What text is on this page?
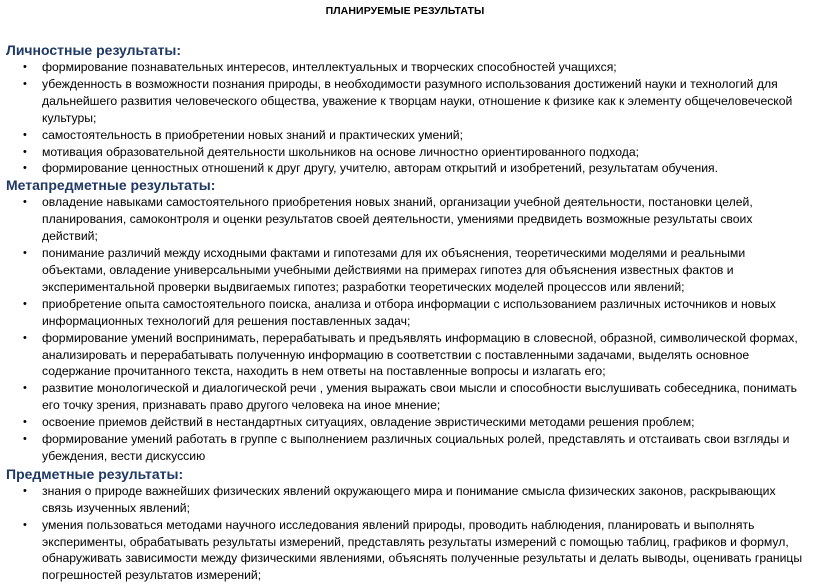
ПЛАНИРУЕМЫЕ РЕЗУЛЬТАТЫ
Личностные результаты:
• формирование познавательных интересов, интеллектуальных и творческих способностей учащихся;
• убежденность в возможности познания природы, в необходимости разумного использования достижений науки и технологий для дальнейшего развития человеческого общества, уважение к творцам науки, отношение к физике как к элементу общечеловеческой культуры;
• самостоятельность в приобретении новых знаний и практических умений;
• мотивация образовательной деятельности школьников на основе личностно ориентированного подхода;
• формирование ценностных отношений к друг другу, учителю, авторам открытий и изобретений, результатам обучения.
Метапредметные результаты:
• овладение навыками самостоятельного приобретения новых знаний, организации учебной деятельности, постановки целей, планирования, самоконтроля и оценки результатов своей деятельности, умениями предвидеть возможные результаты своих действий;
• понимание различий между исходными фактами и гипотезами для их объяснения, теоретическими моделями и реальными объектами, овладение универсальными учебными действиями на примерах гипотез для объяснения известных фактов и экспериментальной проверки выдвигаемых гипотез; разработки теоретических моделей процессов или явлений;
• приобретение опыта самостоятельного поиска, анализа и отбора информации с использованием различных источников и новых информационных технологий для решения поставленных задач;
• формирование умений воспринимать, перерабатывать и предъявлять информацию в словесной, образной, символической формах, анализировать и перерабатывать полученную информацию в соответствии с поставленными задачами, выделять основное содержание прочитанного текста, находить в нем ответы на поставленные вопросы и излагать его;
• развитие монологической и диалогической речи , умения выражать свои мысли и способности выслушивать собеседника, понимать его точку зрения, признавать право другого человека на иное мнение;
• освоение приемов действий в нестандартных ситуациях, овладение эвристическими методами решения проблем;
• формирование умений работать в группе с выполнением различных социальных ролей, представлять и отстаивать свои взгляды и убеждения, вести дискуссию
Предметные результаты:
• знания о природе важнейших физических явлений окружающего мира и понимание смысла физических законов, раскрывающих связь изученных явлений;
• умения пользоваться методами научного исследования явлений природы, проводить наблюдения, планировать и выполнять эксперименты, обрабатывать результаты измерений, представлять результаты измерений с помощью таблиц, графиков и формул, обнаруживать зависимости между физическими явлениями, объяснять полученные результаты и делать выводы, оценивать границы погрешностей результатов измерений;
